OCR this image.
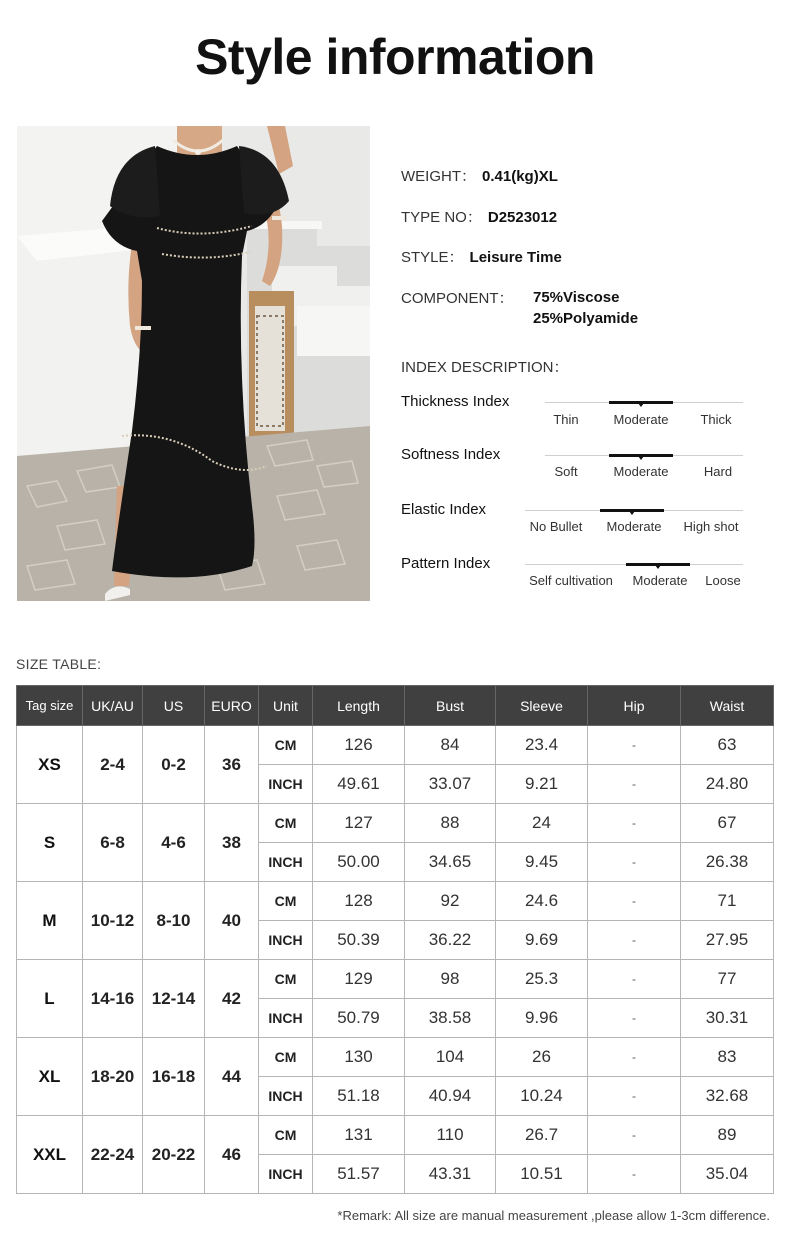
Style information
WEIGHT： 0.41(kg)XL
TYPE NO： D2523012
STYLE： Leisure Time
COMPONENT： 75%Viscose
25%Polyamide
INDEX DESCRIPTION：
Thickness Index
Thin	Moderate Thick
Softness Index
Soft	Moderate	Hard
Elastic Index
No Bullet Moderate High shot
Pattern Index
Self cultivation Moderate Loose
SIZE TABLE:
Tag size	UK/AU	US	EURO	Unit	Length	Bust	Sleeve	Hip	Waist
XS	2-4	0-2	36	CM	126	84	23.4	-	63
				INCH	49.61	33.07	9.21	-	24.80
S	6-8	4-6	38	CM	127	88	24	-	67
				INCH	50.00	34.65	9.45	-	26.38
M	10-12	8-10	40	CM	128	92	24.6	-	71
				INCH	50.39	36.22	9.69	-	27.95
L	14-16	12-14	42	CM	129	98	25.3	-	77
				INCH	50.79	38.58	9.96	-	30.31
XL	18-20	16-18	44	CM	130	104	26	-	83
				INCH	51.18	40.94	10.24	-	32.68
XXL	22-24	20-22	46	CM	131	110	26.7	-	89
				INCH	51.57	43.31	10.51	-	35.04
*Remark: All size are manual measurement ,please allow 1-3cm difference.
